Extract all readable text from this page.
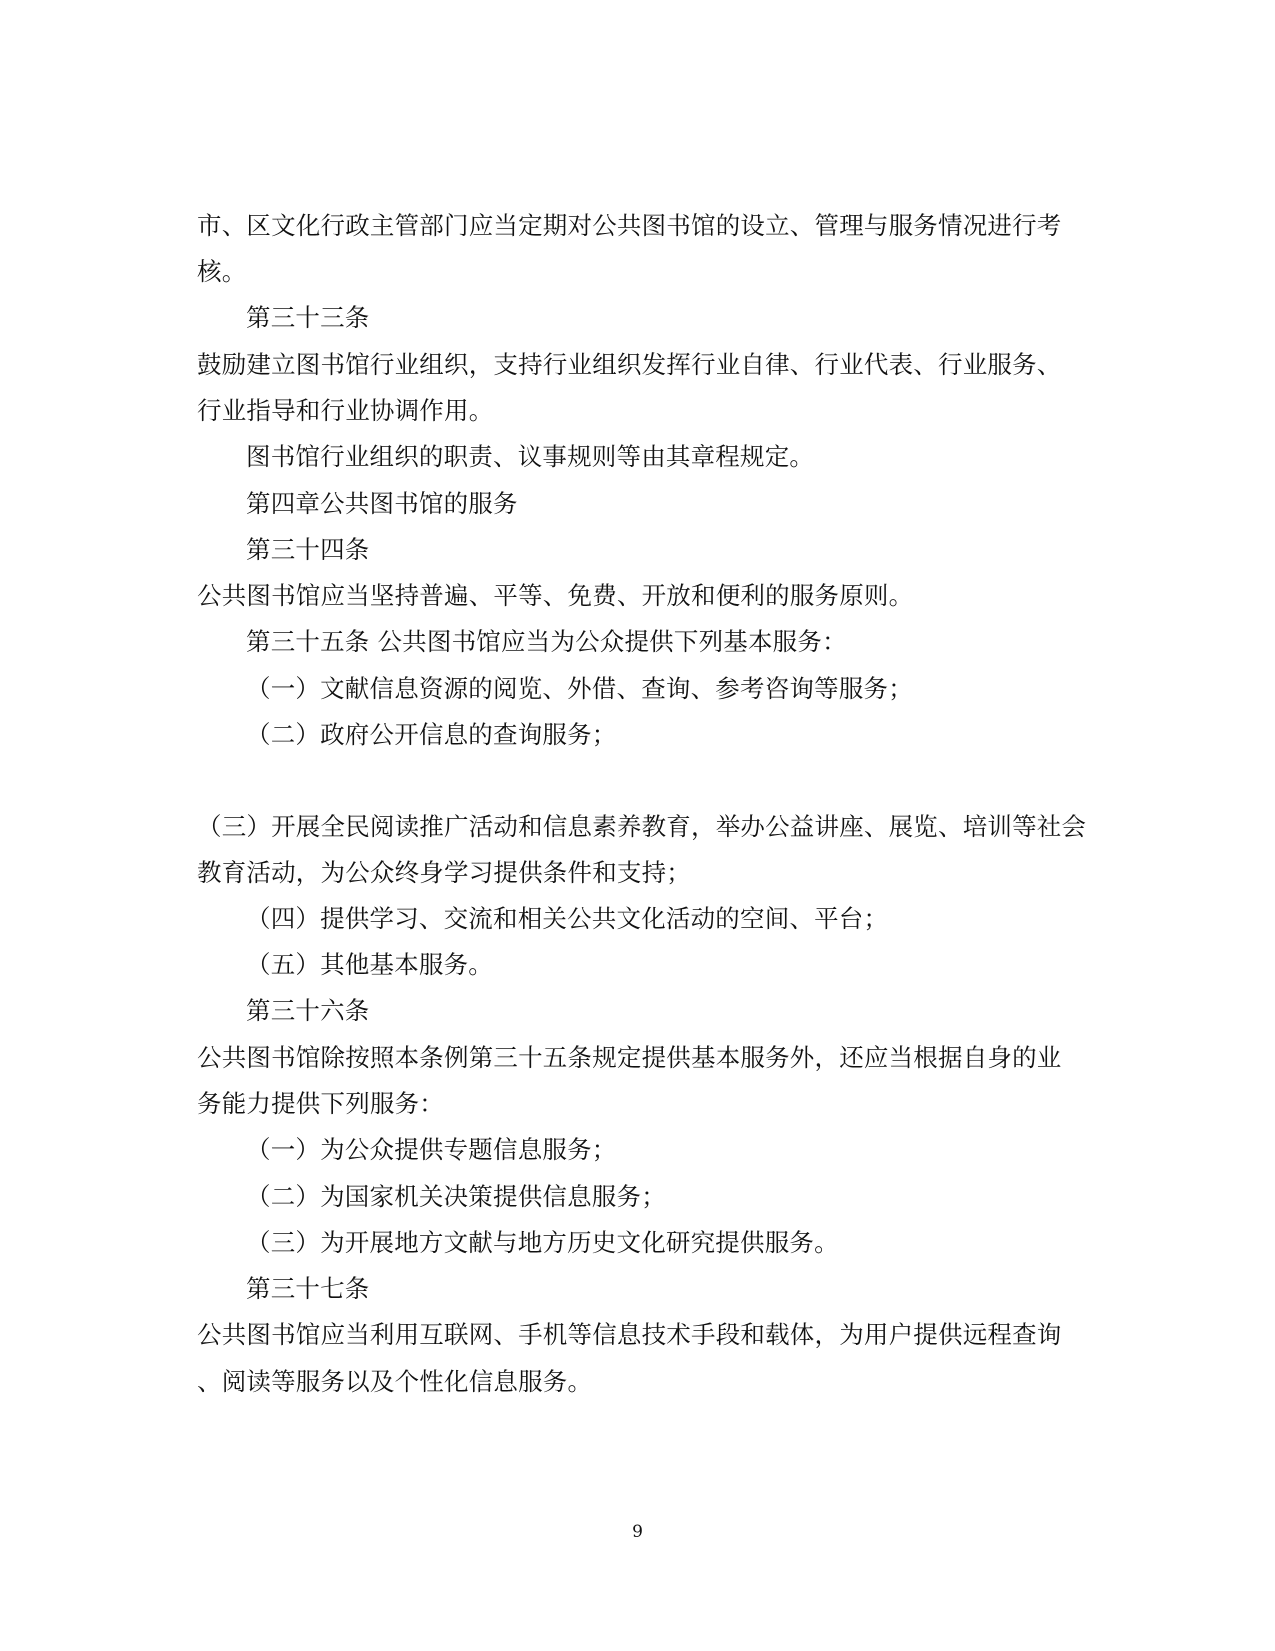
市、区文化行政主管部门应当定期对公共图书馆的设立、管理与服务情况进行考
核。
第三十三条
鼓励建立图书馆行业组织，支持行业组织发挥行业自律、行业代表、行业服务、
行业指导和行业协调作用。
图书馆行业组织的职责、议事规则等由其章程规定。
第四章公共图书馆的服务
第三十四条
公共图书馆应当坚持普遍、平等、免费、开放和便利的服务原则。
第三十五条 公共图书馆应当为公众提供下列基本服务：
（一）文献信息资源的阅览、外借、查询、参考咨询等服务；
（二）政府公开信息的查询服务；
（三）开展全民阅读推广活动和信息素养教育，举办公益讲座、展览、培训等社会
教育活动，为公众终身学习提供条件和支持；
（四）提供学习、交流和相关公共文化活动的空间、平台；
（五）其他基本服务。
第三十六条
公共图书馆除按照本条例第三十五条规定提供基本服务外，还应当根据自身的业
务能力提供下列服务：
（一）为公众提供专题信息服务；
（二）为国家机关决策提供信息服务；
（三）为开展地方文献与地方历史文化研究提供服务。
第三十七条
公共图书馆应当利用互联网、手机等信息技术手段和载体，为用户提供远程查询
、阅读等服务以及个性化信息服务。
9
